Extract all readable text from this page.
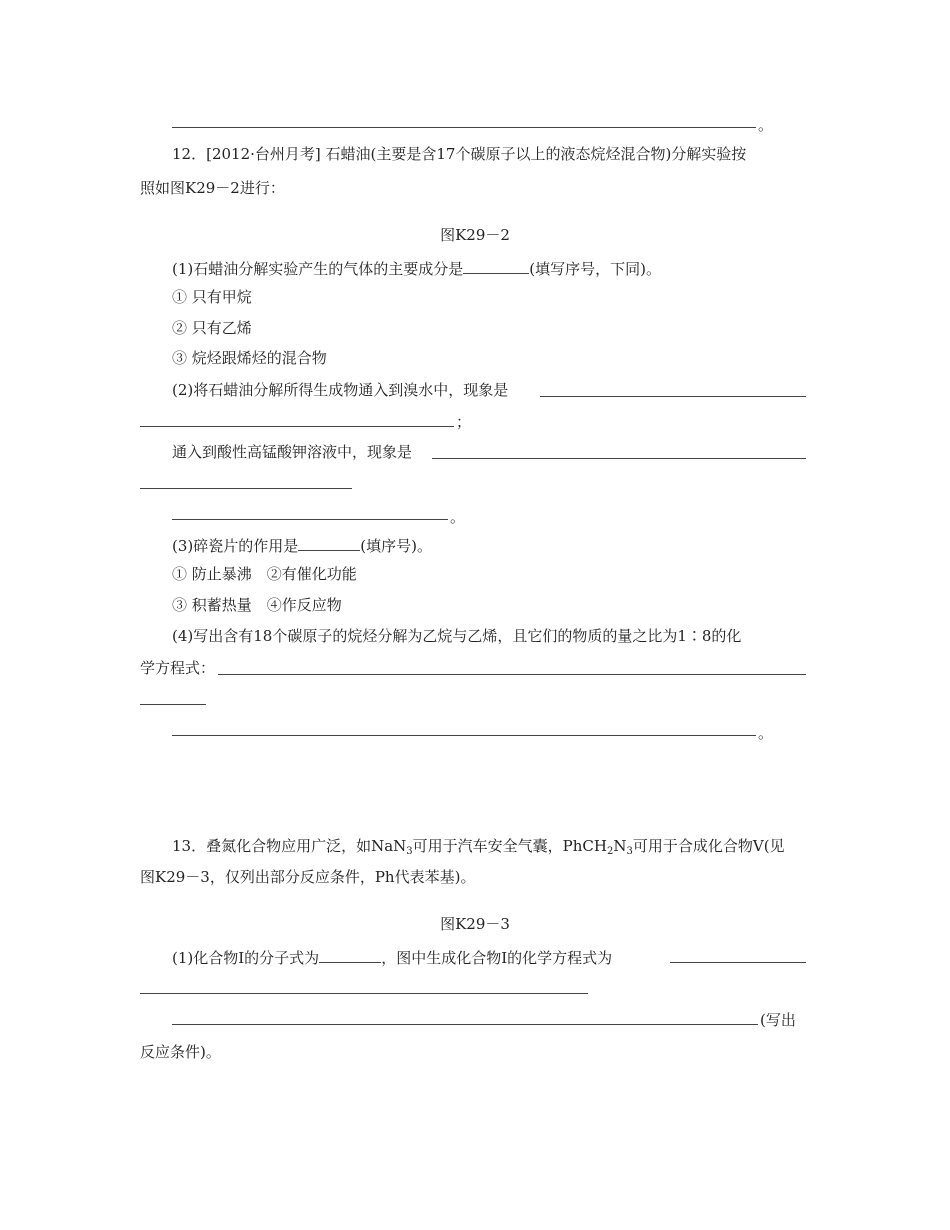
。
12．[2012·台州月考] 石蜡油(主要是含17个碳原子以上的液态烷烃混合物)分解实验按
照如图K29－2进行：
图K29－2
(1)石蜡油分解实验产生的气体的主要成分是	(填写序号，下同)。
① 只有甲烷
② 只有乙烯
③ 烷烃跟烯烃的混合物
(2)将石蜡油分解所得生成物通入到溴水中，现象是
；
通入到酸性高锰酸钾溶液中，现象是
。
(3)碎瓷片的作用是	(填序号)。
① 防止暴沸　②有催化功能
③ 积蓄热量　④作反应物
(4)写出含有18个碳原子的烷烃分解为乙烷与乙烯，且它们的物质的量之比为1∶8的化
学方程式：
。
13．叠氮化合物应用广泛，如NaN$_3$可用于汽车安全气囊，$PhCH_2N_3$可用于合成化合物Ⅴ(见
图K29－3，仅列出部分反应条件，Ph代表苯基)。
图K29－3
(1)化合物Ⅰ的分子式为	，图中生成化合物Ⅰ的化学方程式为
(写出
反应条件)。
